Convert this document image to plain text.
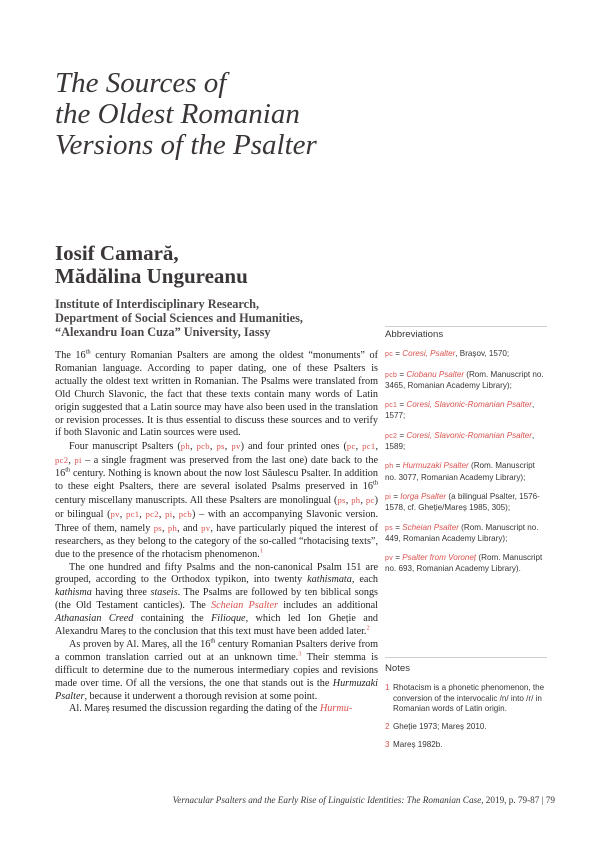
The Sources of
the Oldest Romanian
Versions of the Psalter
Iosif Camară,
Mădălina Ungureanu
Institute of Interdisciplinary Research,
Department of Social Sciences and Humanities,
“Alexandru Ioan Cuza” University, Iassy

The 16th century Romanian Psalters are among the oldest “monuments” of Romanian language. According to paper dating, one of these Psalters is actually the oldest text written in Romanian. The Psalms were translated from Old Church Slavonic, the fact that these texts contain many words of Latin origin suggested that a Latin source may have also been used in the translation or revision processes. It is thus essential to discuss these sources and to verify if both Slavonic and Latin sources were used.

Four manuscript Psalters (ph, pcb, ps, pv) and four printed ones (pc, pc1, pc2, pi – a single fragment was preserved from the last one) date back to the 16th century. Nothing is known about the now lost Săulescu Psalter. In addition to these eight Psalters, there are several isolated Psalms preserved in 16th century miscellany manuscripts. All these Psalters are monolingual (ps, ph, pc) or bilingual (pv, pc1, pc2, pi, pcb) – with an accompanying Slavonic version. Three of them, namely ps, ph, and pv, have particularly piqued the interest of researchers, as they belong to the category of the so-called “rhotacising texts”, due to the presence of the rhotacism phenomenon.$^1$

The one hundred and fifty Psalms and the non-canonical Psalm 151 are grouped, according to the Orthodox typikon, into twenty kathismata, each kathisma having three staseis. The Psalms are followed by ten biblical songs (the Old Testament canticles). The Scheian Psalter includes an additional Athanasian Creed containing the Filioque, which led Ion Gheție and Alexandru Mareș to the conclusion that this text must have been added later.$^2$

As proven by Al. Mareș, all the 16th century Romanian Psalters derive from a common translation carried out at an unknown time.$^3$ Their stemma is difficult to determine due to the numerous intermediary copies and revisions made over time. Of all the versions, the one that stands out is the Hurmuzaki Psalter, because it underwent a thorough revision at some point.

Al. Mareș resumed the discussion regarding the dating of the Hurmu-

Abbreviations
pc = Coresi, Psalter, Brașov, 1570;
pcb = Ciobanu Psalter (Rom. Manuscript no. 3465, Romanian Academy Library);
pc1 = Coresi, Slavonic-Romanian Psalter, 1577;
pc2 = Coresi, Slavonic-Romanian Psalter, 1589;
ph = Hurmuzaki Psalter (Rom. Manuscript no. 3077, Romanian Academy Library);
pi = Iorga Psalter (a bilingual Psalter, 1576-1578, cf. Gheție/Mareș 1985, 305);
ps = Scheian Psalter (Rom. Manuscript no. 449, Romanian Academy Library);
pv = Psalter from Voroneț (Rom. Manuscript no. 693, Romanian Academy Library).
Notes
1 Rhotacism is a phonetic phenomenon, the conversion of the intervocalic /n/ into /r/ in Romanian words of Latin origin.
2 Gheție 1973; Mareș 2010.
3 Mareș 1982b.
Vernacular Psalters and the Early Rise of Linguistic Identities: The Romanian Case, 2019, p. 79-87 | 79
